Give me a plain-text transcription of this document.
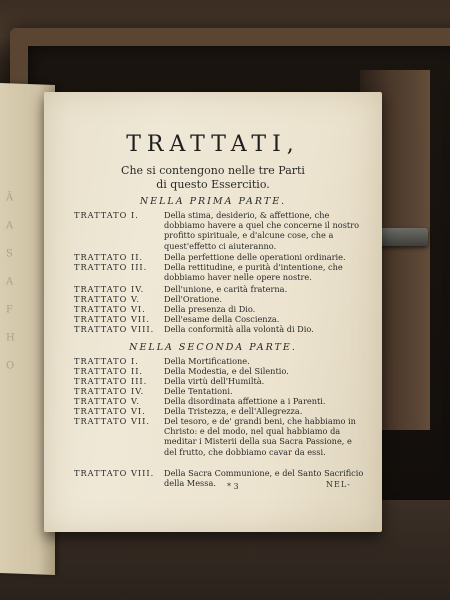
Ä

A

S

A

F

H

O
TRATTATI,
Che si contengono nelle tre Parti
di questo Essercitio.
NELLA PRIMA PARTE.
TRATTATO I.	Della stima, desiderio, & affettione, che dobbiamo havere a quel che concerne il nostro profitto spirituale, e d'alcune cose, che a quest'effetto ci aiuteranno.
TRATTATO II.	Della perfettione delle operationi ordinarie.
TRATTATO III. Della rettitudine, e purità d'intentione, che dobbiamo haver nelle opere nostre.
TRATTATO IV. Dell'unione, e carità fraterna.
TRATTATO V.	Dell'Oratione.
TRATTATO VI. Della presenza di Dio.
TRATTATO VII. Dell'esame della Coscienza.
TRATTATO VIII. Della conformità alla volontà di Dio.
NELLA SECONDA PARTE.
TRATTATO I.	Della Mortificatione.
TRATTATO II.	Della Modestia, e del Silentio.
TRATTATO III. Della virtù dell'Humiltà.
TRATTATO IV. Delle Tentationi.
TRATTATO V.	Della disordinata affettione a i Parenti.
TRATTATO VI. Della Tristezza, e dell'Allegrezza.
TRATTATO VII. Del tesoro, e de' grandi beni, che habbiamo in Christo: e del modo, nel qual habbiamo da meditar i Misterii della sua Sacra Passione, e del frutto, che dobbiamo cavar da essi.
TRATTATO VIII. Della Sacra Communione, e del Santo Sacrificio della Messa.	* 3	NEL-
